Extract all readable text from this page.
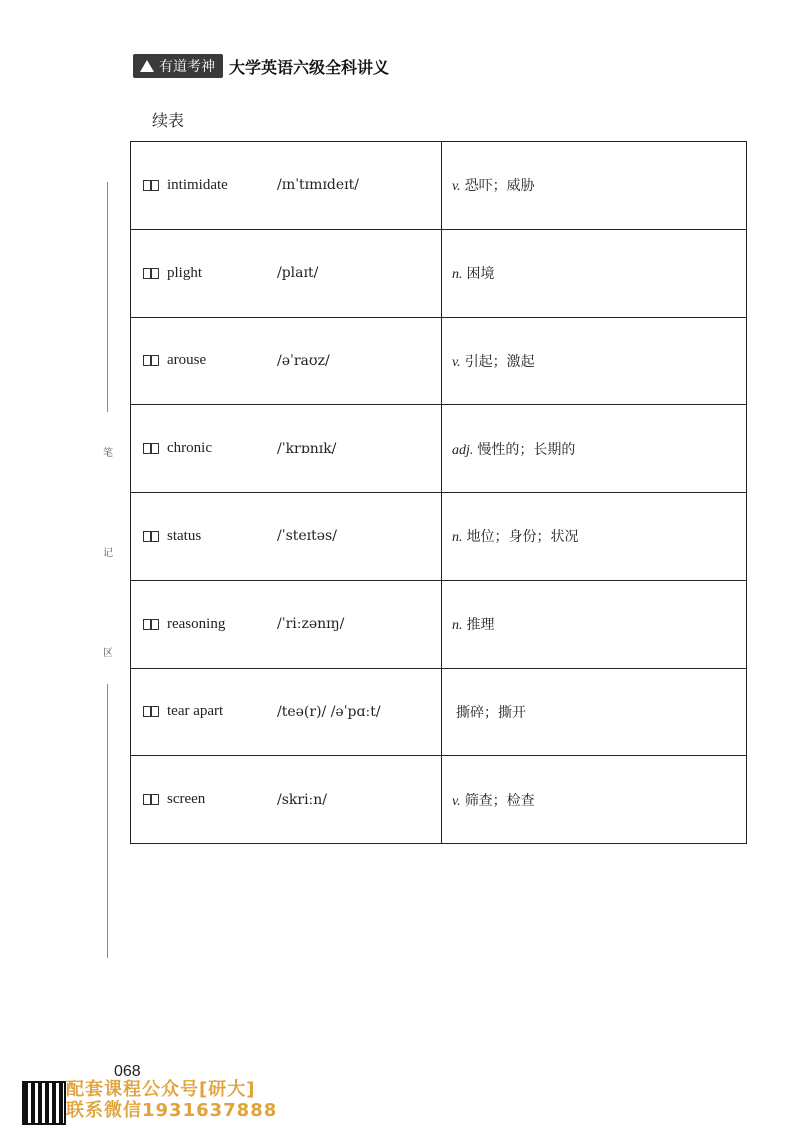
有道考神 大学英语六级全科讲义
续表
笔
记
区
intimidate /ɪnˈtɪmɪdeɪt/	v. 恐吓；威胁

plight /plaɪt/	n. 困境

arouse /əˈraʊz/	v. 引起；激起

chronic /ˈkrɒnɪk/	adj. 慢性的；长期的

status /ˈsteɪtəs/	n. 地位；身份；状况

reasoning /ˈriːzənɪŋ/	n. 推理

tear apart /teə(r)/ /əˈpɑːt/	撕碎；撕开

screen /skriːn/	v. 筛查；检查
068
配套课程公众号[研大]
联系微信1931637888
